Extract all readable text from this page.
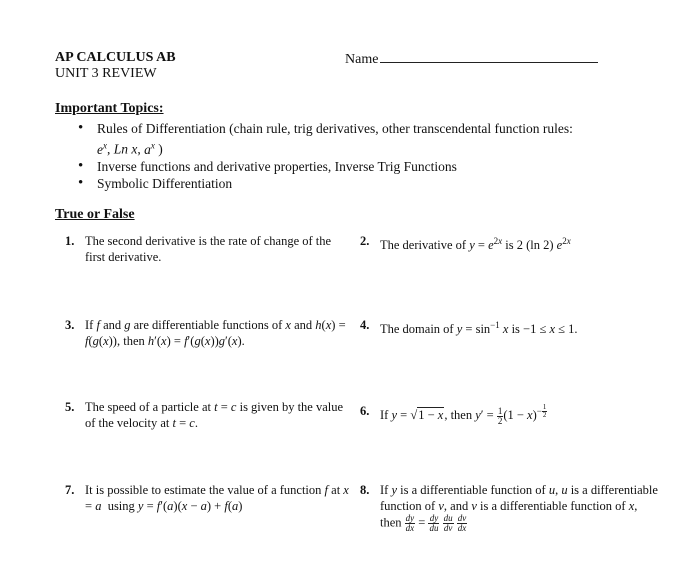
AP CALCULUS AB
UNIT 3 REVIEW
Name
Important Topics:
• Rules of Differentiation (chain rule, trig derivatives, other transcendental function rules:
$e^x$, Ln x, $a^x$ )
• Inverse functions and derivative properties, Inverse Trig Functions
• Symbolic Differentiation
True or False
1. The second derivative is the rate of change of the first derivative.
2. The derivative of $y = e^{2x}$ is 2 (ln 2) $e^{2x}$
3. If f and g are differentiable functions of x and h(x) = f(g(x)), then h′(x) = f′(g(x))g′(x).
4. The domain of $y = \sin^{-1} x$ is −1 ≤ x ≤ 1.
5. The speed of a particle at t = c is given by the value of the velocity at t = c.
6. If y = √1 − x, then $y' = \frac{1}{2} (1 - x)^{- \frac{1}{2}}$
7. It is possible to estimate the value of a function f at x = a  using y = f′(a)(x − a) + f(a)
8. If y is a differentiable function of u, u is a differentiable function of v, and v is a differentiable function of x, then $\frac{dy}{dx} = \frac{dy}{du}$
$\frac{du}{dv}$
$\frac{dv}{dx}$
